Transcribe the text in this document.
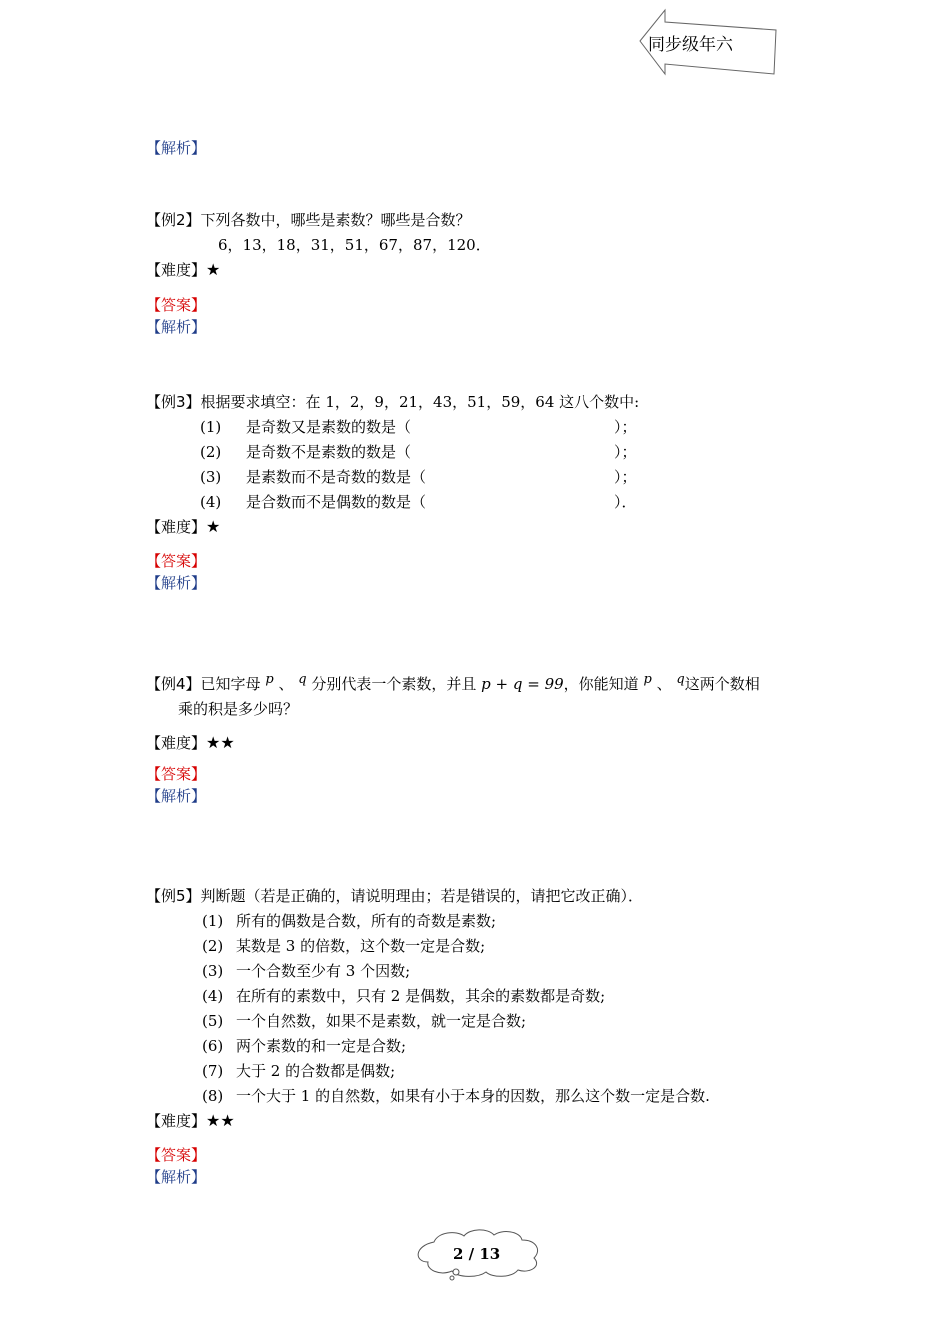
同步级年六
【解析】
【例2】下列各数中，哪些是素数？哪些是合数？
6，13，18，31，51，67，87，120．
【难度】★
【答案】
【解析】
【例3】根据要求填空：在 1，2，9，21，43，51，59，64 这八个数中:
(1) 是奇数又是素数的数是（	）；
(2) 是奇数不是素数的数是（	）；
(3) 是素数而不是奇数的数是（	）；
(4) 是合数而不是偶数的数是（	）．
【难度】★
【答案】
【解析】
【例4】已知字母 p 、 q 分别代表一个素数，并且 p + q = 99，你能知道 p 、 q这两个数相
乘的积是多少吗？
【难度】★★
【答案】
【解析】
【例5】判断题（若是正确的，请说明理由；若是错误的，请把它改正确）．
(1) 所有的偶数是合数，所有的奇数是素数;
(2) 某数是 3 的倍数，这个数一定是合数;
(3) 一个合数至少有 3 个因数;
(4) 在所有的素数中，只有 2 是偶数，其余的素数都是奇数;
(5) 一个自然数，如果不是素数，就一定是合数;
(6) 两个素数的和一定是合数;
(7) 大于 2 的合数都是偶数;
(8) 一个大于 1 的自然数，如果有小于本身的因数，那么这个数一定是合数.
【难度】★★
【答案】
【解析】
2 / 13
